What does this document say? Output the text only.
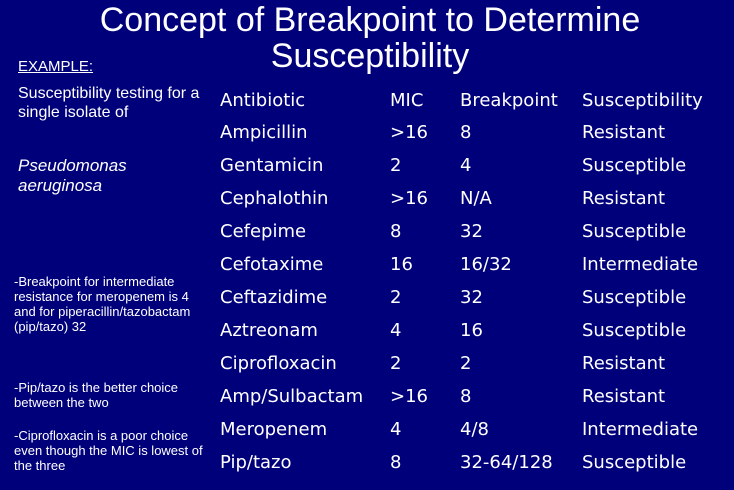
Concept of Breakpoint to Determine
Susceptibility
EXAMPLE:
Susceptibility testing for a single isolate of
Pseudomonas aeruginosa
-Breakpoint for intermediate resistance for meropenem is 4 and for piperacillin/tazobactam (pip/tazo) 32
-Pip/tazo is the better choice between the two
-Ciprofloxacin is a poor choice even though the MIC is lowest of the three
Antibiotic	MIC	Breakpoint	Susceptibility
Ampicillin	>16	8	Resistant
Gentamicin	2	4	Susceptible
Cephalothin	>16	N/A	Resistant
Cefepime	8	32	Susceptible
Cefotaxime	16	16/32	Intermediate
Ceftazidime	2	32	Susceptible
Aztreonam	4	16	Susceptible
Ciprofloxacin	2	2	Resistant
Amp/Sulbactam	>16	8	Resistant
Meropenem	4	4/8	Intermediate
Pip/tazo	8	32-64/128	Susceptible
